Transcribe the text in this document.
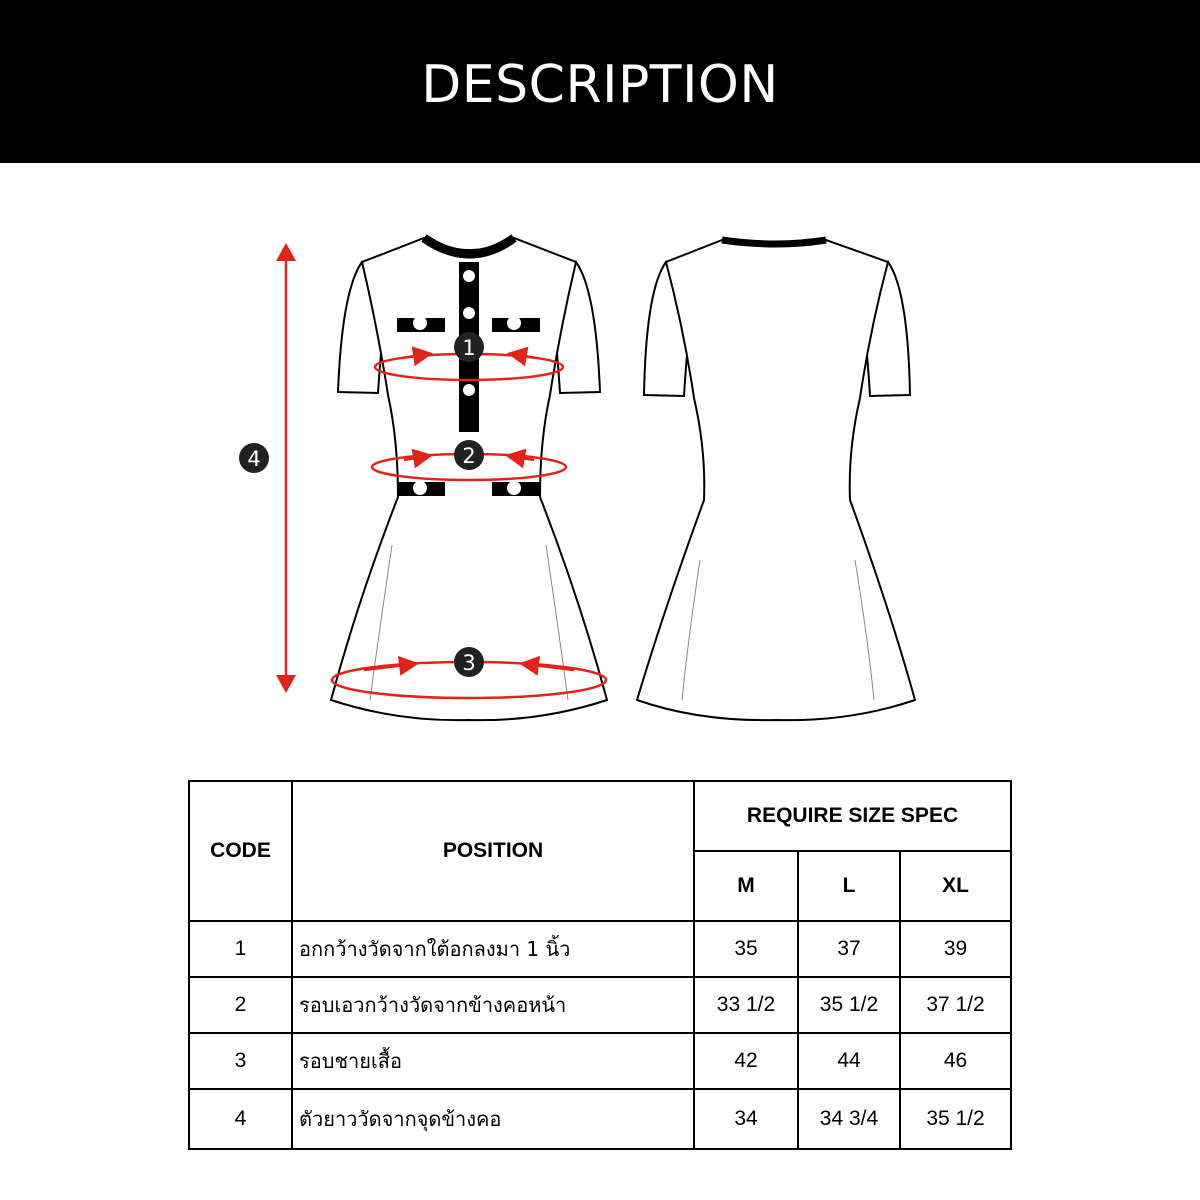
DESCRIPTION
1
2
3
4
CODE	POSITION	REQUIRE SIZE SPEC		
		M	L	XL
1	อกกว้างวัดจากใต้อกลงมา 1 นิ้ว	35	37	39
2	รอบเอวกว้างวัดจากข้างคอหน้า	33 1/2	35 1/2	37 1/2
3	รอบชายเสื้อ	42	44	46
4	ตัวยาววัดจากจุดข้างคอ	34	34 3/4	35 1/2
